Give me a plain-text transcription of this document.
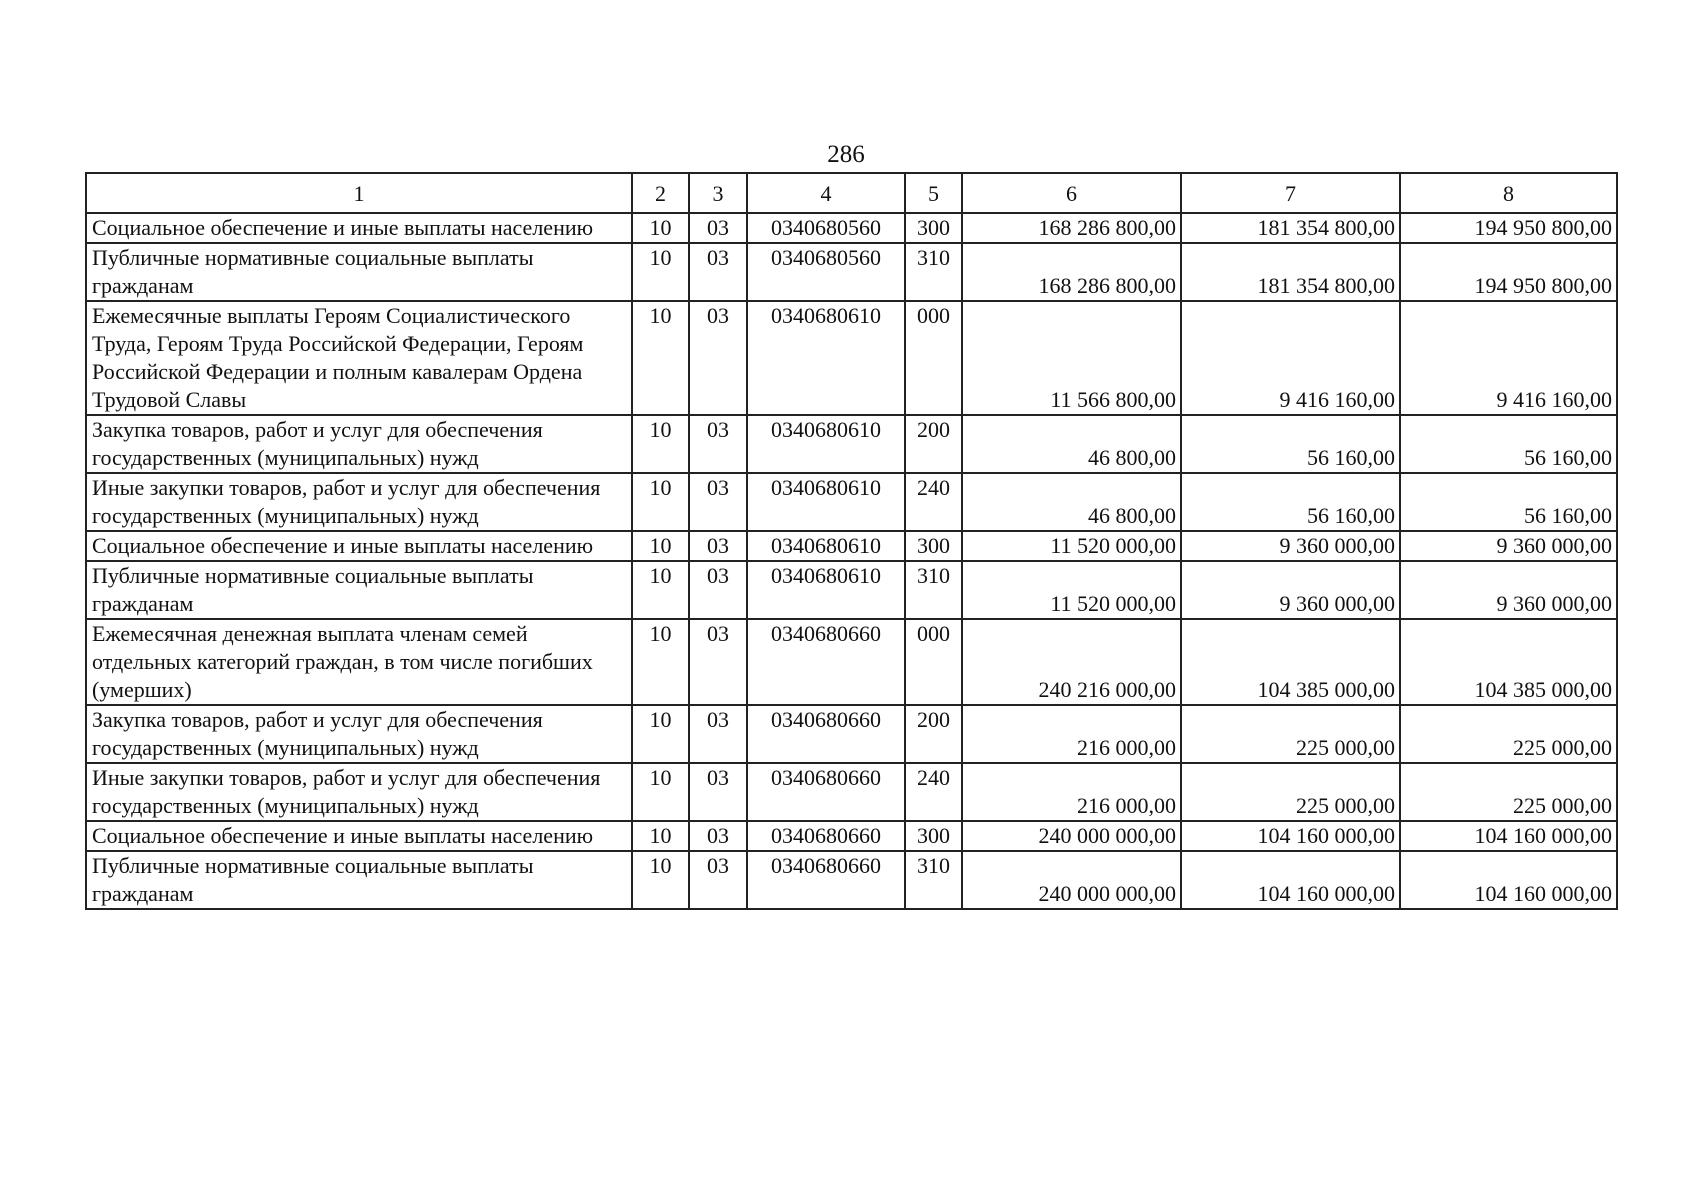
286
1	2	3	4	5	6	7	8
Социальное обеспечение и иные выплаты населению	10	03	0340680560	300	168 286 800,00	181 354 800,00	194 950 800,00
Публичные нормативные социальные выплаты гражданам	10	03	0340680560	310	168 286 800,00	181 354 800,00	194 950 800,00
Ежемесячные выплаты Героям Социалистического Труда, Героям Труда Российской Федерации, Героям Российской Федерации и полным кавалерам Ордена Трудовой Славы	10	03	0340680610	000	11 566 800,00	9 416 160,00	9 416 160,00
Закупка товаров, работ и услуг для обеспечения государственных (муниципальных) нужд	10	03	0340680610	200	46 800,00	56 160,00	56 160,00
Иные закупки товаров, работ и услуг для обеспечения государственных (муниципальных) нужд	10	03	0340680610	240	46 800,00	56 160,00	56 160,00
Социальное обеспечение и иные выплаты населению	10	03	0340680610	300	11 520 000,00	9 360 000,00	9 360 000,00
Публичные нормативные социальные выплаты гражданам	10	03	0340680610	310	11 520 000,00	9 360 000,00	9 360 000,00
Ежемесячная денежная выплата членам семей отдельных категорий граждан, в том числе погибших (умерших)	10	03	0340680660	000	240 216 000,00	104 385 000,00	104 385 000,00
Закупка товаров, работ и услуг для обеспечения государственных (муниципальных) нужд	10	03	0340680660	200	216 000,00	225 000,00	225 000,00
Иные закупки товаров, работ и услуг для обеспечения государственных (муниципальных) нужд	10	03	0340680660	240	216 000,00	225 000,00	225 000,00
Социальное обеспечение и иные выплаты населению	10	03	0340680660	300	240 000 000,00	104 160 000,00	104 160 000,00
Публичные нормативные социальные выплаты гражданам	10	03	0340680660	310	240 000 000,00	104 160 000,00	104 160 000,00
